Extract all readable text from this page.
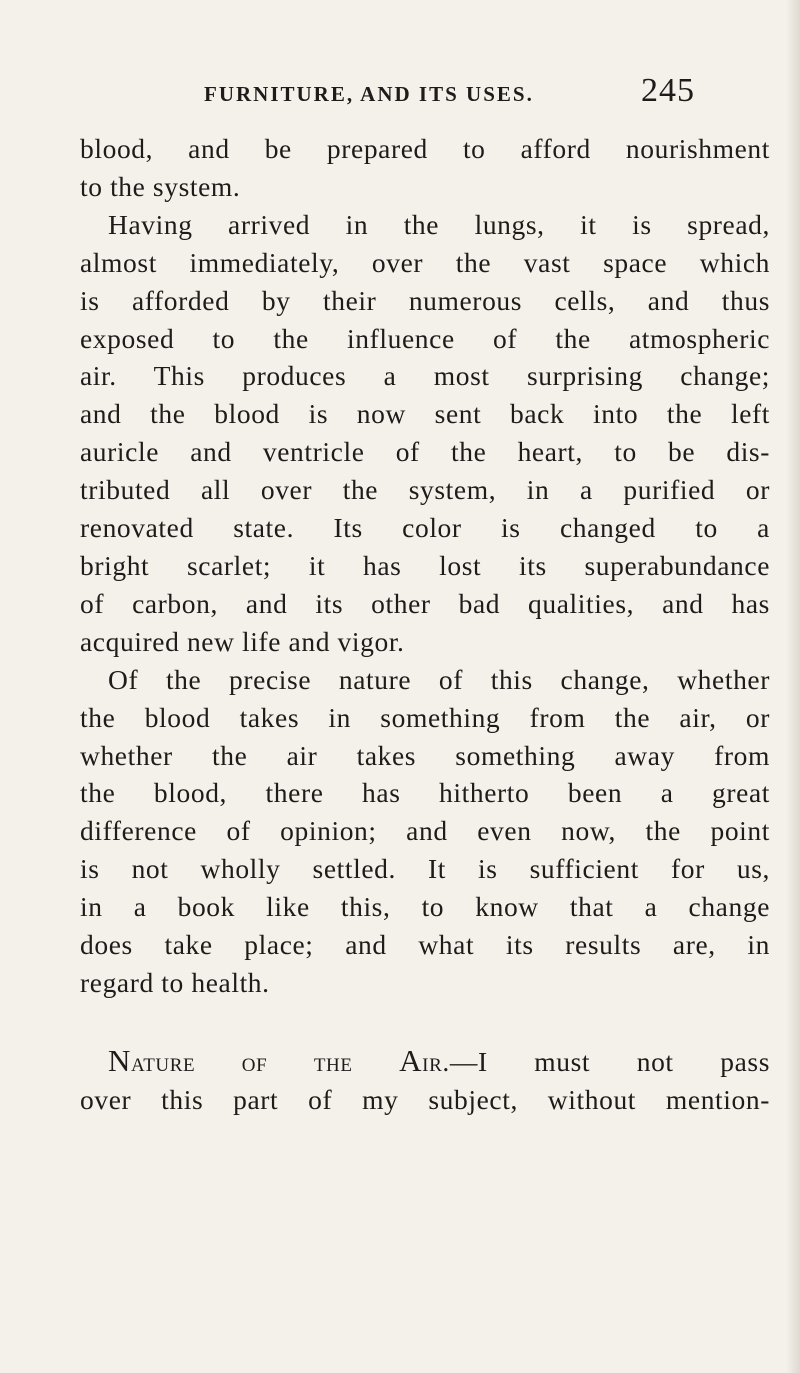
FURNITURE, AND ITS USES.	245
blood, and be prepared to afford nourishment
to the system.
Having arrived in the lungs, it is spread,
almost immediately, over the vast space which
is afforded by their numerous cells, and thus
exposed to the influence of the atmospheric
air. This produces a most surprising change;
and the blood is now sent back into the left
auricle and ventricle of the heart, to be dis-
tributed all over the system, in a purified or
renovated state. Its color is changed to a
bright scarlet; it has lost its superabundance
of carbon, and its other bad qualities, and has
acquired new life and vigor.
Of the precise nature of this change, whether
the blood takes in something from the air, or
whether the air takes something away from
the blood, there has hitherto been a great
difference of opinion; and even now, the point
is not wholly settled. It is sufficient for us,
in a book like this, to know that a change
does take place; and what its results are, in
regard to health.
Nature of the Air.—I must not pass
over this part of my subject, without mention-
